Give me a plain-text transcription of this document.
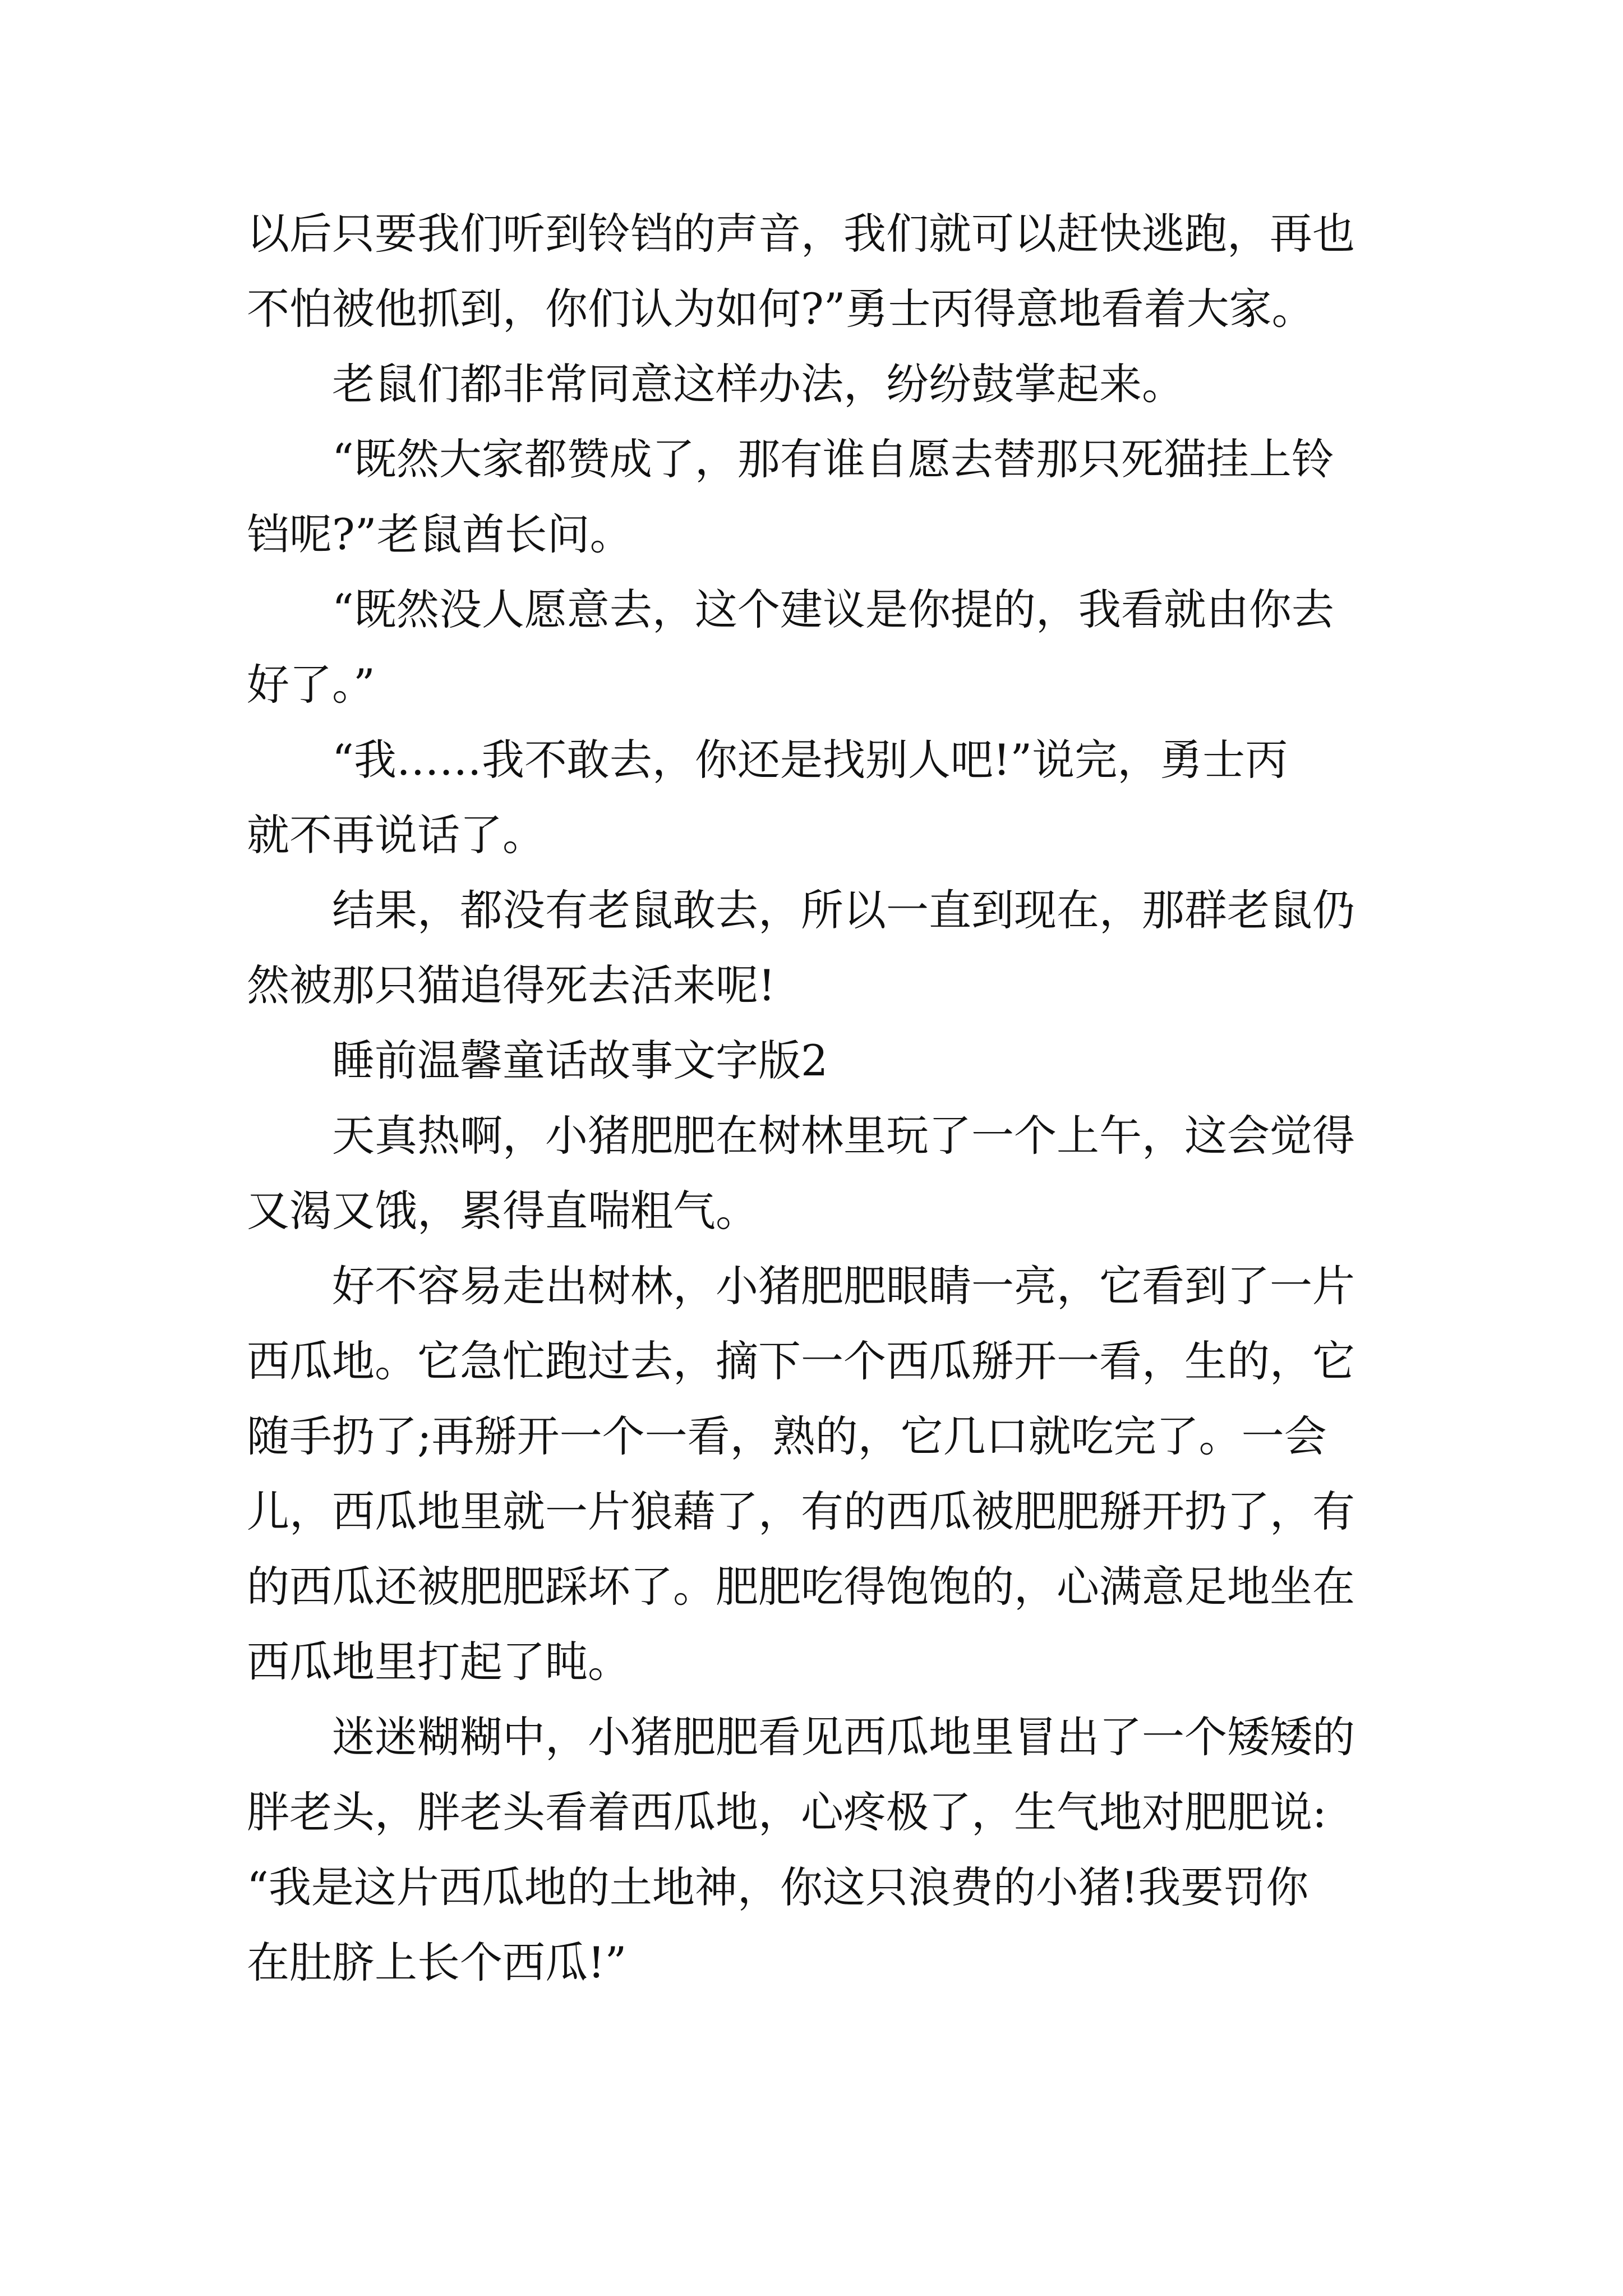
以后只要我们听到铃铛的声音，我们就可以赶快逃跑，再也
不怕被他抓到，你们认为如何?”勇士丙得意地看着大家。
老鼠们都非常同意这样办法，纷纷鼓掌起来。
“既然大家都赞成了，那有谁自愿去替那只死猫挂上铃
铛呢?”老鼠酋长问。
“既然没人愿意去，这个建议是你提的，我看就由你去
好了。”
“我……我不敢去，你还是找别人吧!”说完，勇士丙
就不再说话了。
结果，都没有老鼠敢去，所以一直到现在，那群老鼠仍
然被那只猫追得死去活来呢!
睡前温馨童话故事文字版2
天真热啊，小猪肥肥在树林里玩了一个上午，这会觉得
又渴又饿，累得直喘粗气。
好不容易走出树林，小猪肥肥眼睛一亮，它看到了一片
西瓜地。它急忙跑过去，摘下一个西瓜掰开一看，生的，它
随手扔了;再掰开一个一看，熟的，它几口就吃完了。一会
儿，西瓜地里就一片狼藉了，有的西瓜被肥肥掰开扔了，有
的西瓜还被肥肥踩坏了。肥肥吃得饱饱的，心满意足地坐在
西瓜地里打起了盹。
迷迷糊糊中，小猪肥肥看见西瓜地里冒出了一个矮矮的
胖老头，胖老头看着西瓜地，心疼极了，生气地对肥肥说:
“我是这片西瓜地的土地神，你这只浪费的小猪!我要罚你
在肚脐上长个西瓜!”
